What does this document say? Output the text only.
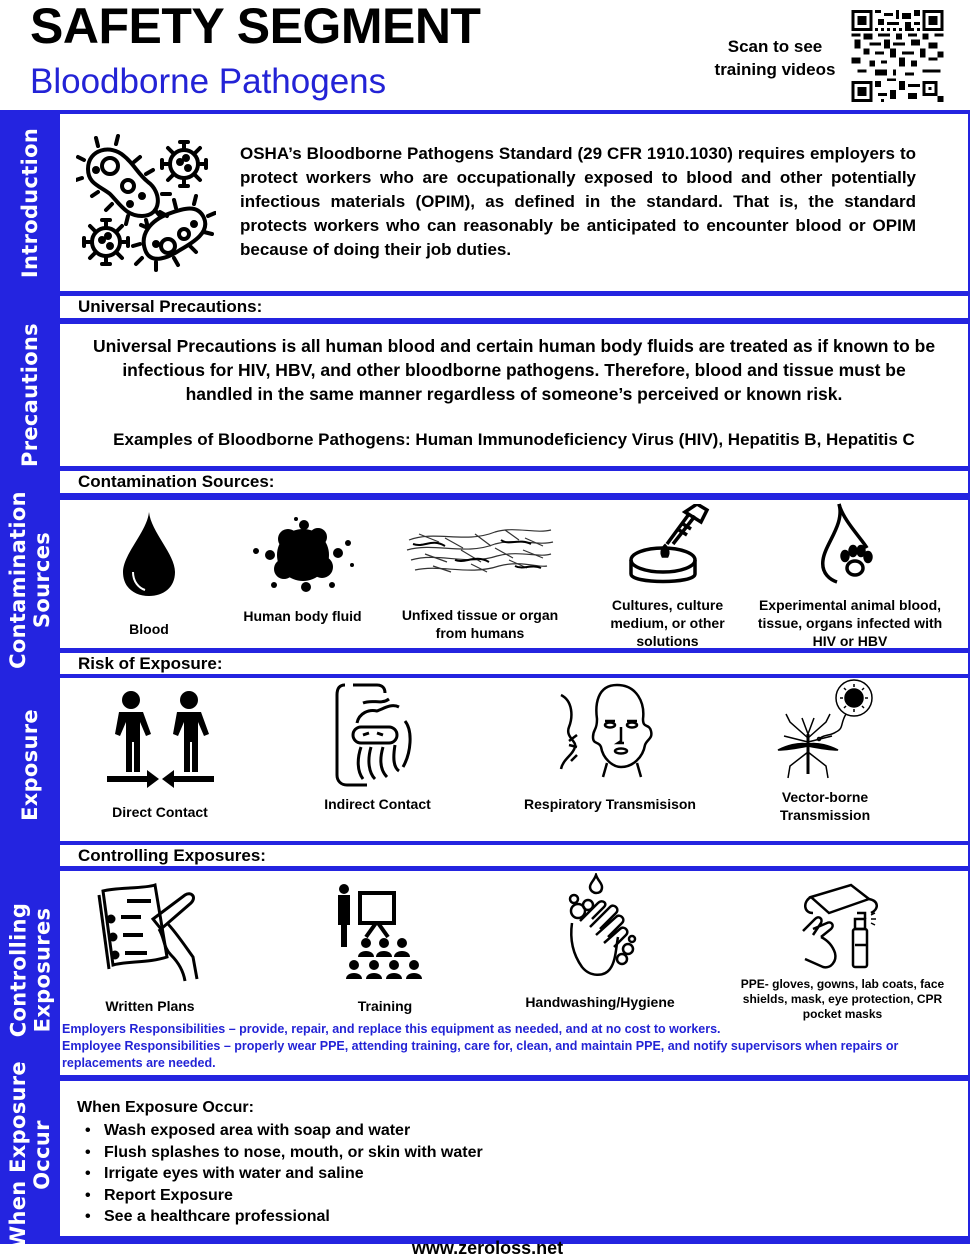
SAFETY SEGMENT
Bloodborne Pathogens
Scan to see
training videos
Introduction
Precautions
Contamination Sources
Exposure
Controlling Exposures
When Exposure Occur
OSHA’s Bloodborne Pathogens Standard (29 CFR 1910.1030) requires employers to protect workers who are occupationally exposed to blood and other potentially infectious materials (OPIM), as defined in the standard. That is, the standard protects workers who can reasonably be anticipated to encounter blood or OPIM because of doing their job duties.
Universal Precautions:
Universal Precautions is all human blood and certain human body fluids are treated as if known to be infectious for HIV, HBV, and other bloodborne pathogens. Therefore, blood and tissue must be handled in the same manner regardless of someone’s perceived or known risk.
Examples of Bloodborne Pathogens: Human Immunodeficiency Virus (HIV), Hepatitis B, Hepatitis C
Contamination Sources:
Blood
Human body fluid	Unfixed tissue or organ from humans
Cultures, culture medium, or other solutions
Experimental animal blood, tissue, organs infected with HIV or HBV
Risk of Exposure:
Direct Contact	Indirect Contact	Respiratory Transmisison	Vector-borne Transmission
Controlling Exposures:
Written Plans	Training	Handwashing/Hygiene
PPE- gloves, gowns, lab coats, face shields, mask, eye protection, CPR pocket masks
Employers Responsibilities – provide, repair, and replace this equipment as needed, and at no cost to workers.
Employee Responsibilities – properly wear PPE, attending training, care for, clean, and maintain PPE, and notify supervisors when repairs or replacements are needed.
When Exposure Occur:
• Wash exposed area with soap and water
• Flush splashes to nose, mouth, or skin with water
• Irrigate eyes with water and saline
• Report Exposure
• See a healthcare professional
www.zeroloss.net
